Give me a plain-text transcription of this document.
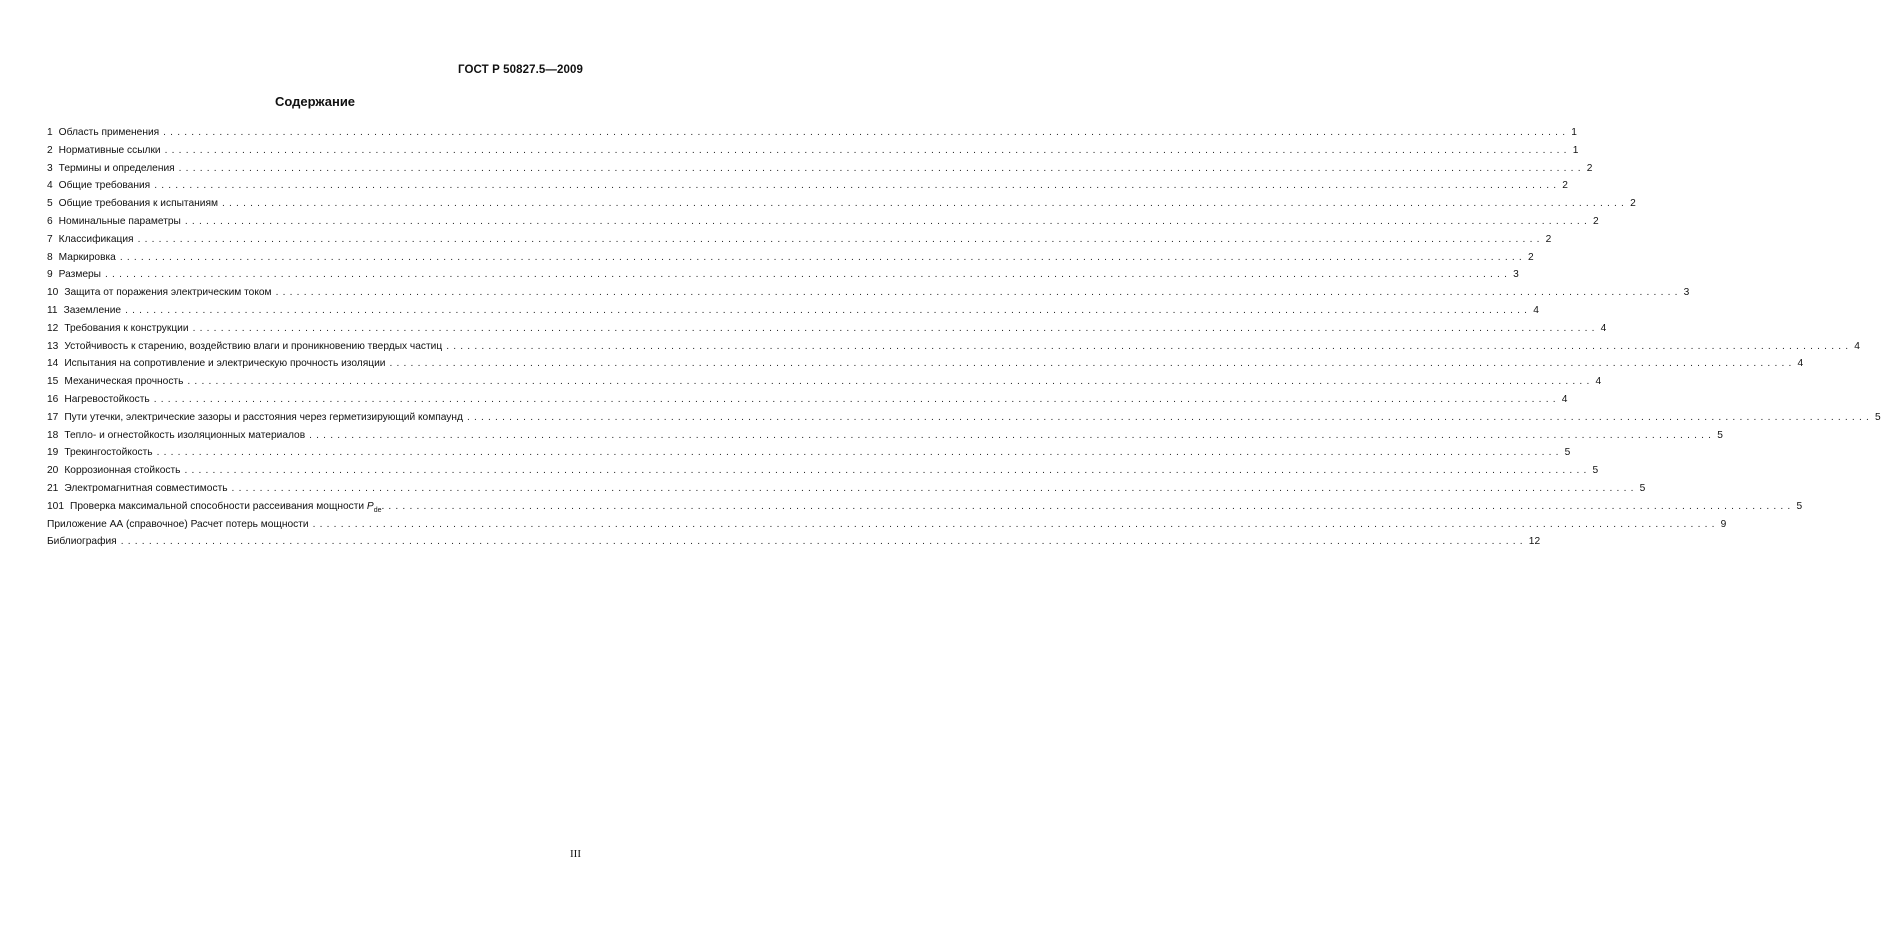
ГОСТ Р 50827.5—2009
Содержание
1 Область применения ........................................................................................................................................................................................................ 1
2 Нормативные ссылки ........................................................................................................................................................................................................ 1
3 Термины и определения ........................................................................................................................................................................................................ 2
4 Общие требования ........................................................................................................................................................................................................ 2
5 Общие требования к испытаниям ........................................................................................................................................................................................................ 2
6 Номинальные параметры ........................................................................................................................................................................................................ 2
7 Классификация ........................................................................................................................................................................................................ 2
8 Маркировка ........................................................................................................................................................................................................ 2
9 Размеры ........................................................................................................................................................................................................ 3
10 Защита от поражения электрическим током ........................................................................................................................................................................................................ 3
11 Заземление ........................................................................................................................................................................................................ 4
12 Требования к конструкции ........................................................................................................................................................................................................ 4
13 Устойчивость к старению, воздействию влаги и проникновению твердых частиц ........................................................................................................................................................................................................ 4
14 Испытания на сопротивление и электрическую прочность изоляции ........................................................................................................................................................................................................ 4
15 Механическая прочность ........................................................................................................................................................................................................ 4
16 Нагревостойкость ........................................................................................................................................................................................................ 4
17 Пути утечки, электрические зазоры и расстояния через герметизирующий компаунд ........................................................................................................................................................................................................ 5
18 Тепло- и огнестойкость изоляционных материалов ........................................................................................................................................................................................................ 5
19 Трекингостойкость ........................................................................................................................................................................................................ 5
20 Коррозионная стойкость ........................................................................................................................................................................................................ 5
21 Электромагнитная совместимость ........................................................................................................................................................................................................ 5
101 Проверка максимальной способности рассеивания мощности $P_{de}$. ........................................................................................................................................................................................................ 5
Приложение АА (справочное) Расчет потерь мощности ........................................................................................................................................................................................................ 9
Библиография ........................................................................................................................................................................................................ 12
III
